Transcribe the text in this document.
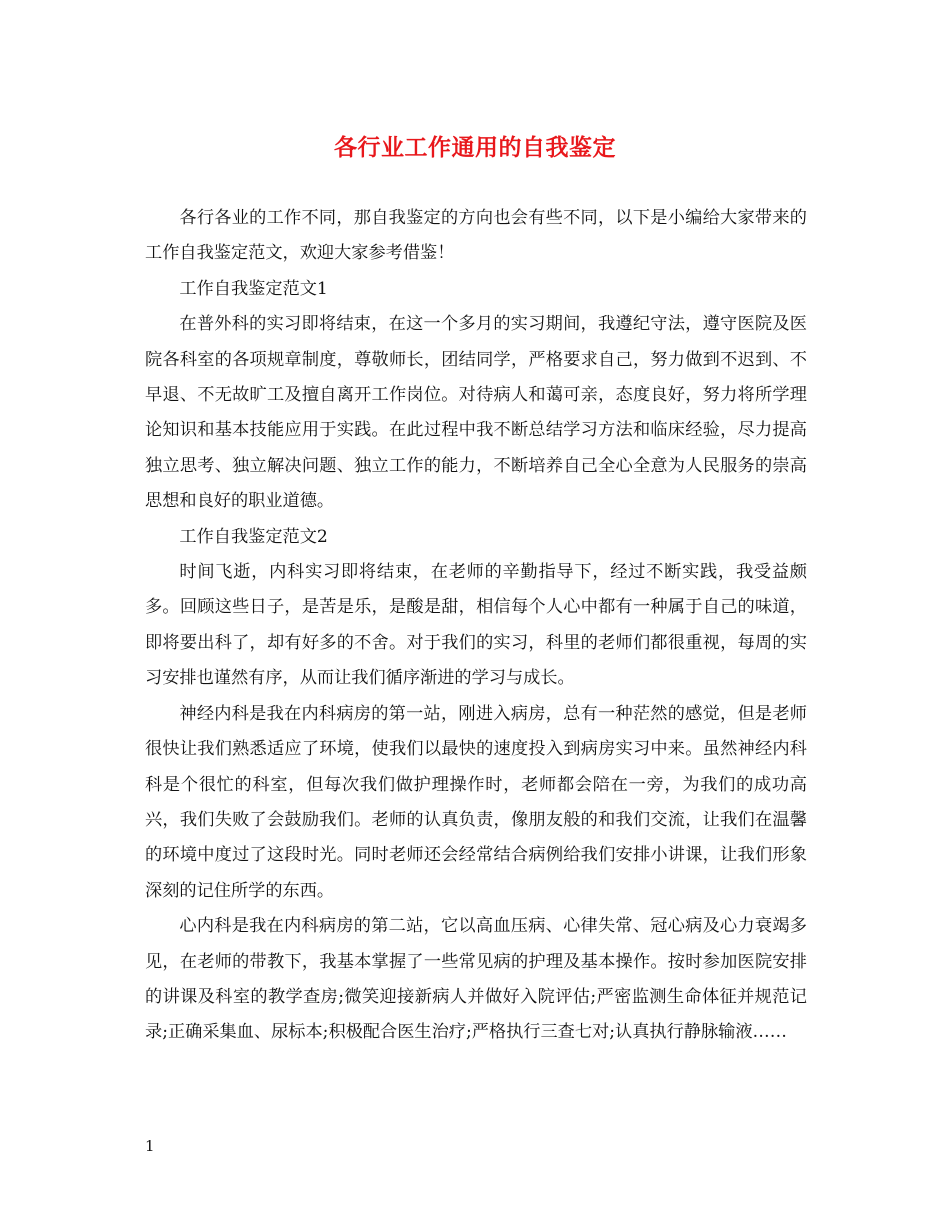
各行业工作通用的自我鉴定

各行各业的工作不同，那自我鉴定的方向也会有些不同，以下是小编给大家带来的工作自我鉴定范文，欢迎大家参考借鉴！

工作自我鉴定范文1

在普外科的实习即将结束，在这一个多月的实习期间，我遵纪守法，遵守医院及医院各科室的各项规章制度，尊敬师长，团结同学，严格要求自己，努力做到不迟到、不早退、不无故旷工及擅自离开工作岗位。对待病人和蔼可亲，态度良好，努力将所学理论知识和基本技能应用于实践。在此过程中我不断总结学习方法和临床经验，尽力提高独立思考、独立解决问题、独立工作的能力，不断培养自己全心全意为人民服务的崇高思想和良好的职业道德。

工作自我鉴定范文2

时间飞逝，内科实习即将结束，在老师的辛勤指导下，经过不断实践，我受益颇多。回顾这些日子，是苦是乐，是酸是甜，相信每个人心中都有一种属于自己的味道，即将要出科了，却有好多的不舍。对于我们的实习，科里的老师们都很重视，每周的实习安排也谨然有序，从而让我们循序渐进的学习与成长。

神经内科是我在内科病房的第一站，刚进入病房，总有一种茫然的感觉，但是老师很快让我们熟悉适应了环境，使我们以最快的速度投入到病房实习中来。虽然神经内科科是个很忙的科室，但每次我们做护理操作时，老师都会陪在一旁，为我们的成功高兴，我们失败了会鼓励我们。老师的认真负责，像朋友般的和我们交流，让我们在温馨的环境中度过了这段时光。同时老师还会经常结合病例给我们安排小讲课，让我们形象深刻的记住所学的东西。

心内科是我在内科病房的第二站，它以高血压病、心律失常、冠心病及心力衰竭多见，在老师的带教下，我基本掌握了一些常见病的护理及基本操作。按时参加医院安排的讲课及科室的教学查房;微笑迎接新病人并做好入院评估;严密监测生命体征并规范记录;正确采集血、尿标本;积极配合医生治疗;严格执行三查七对;认真执行静脉输液……

1
